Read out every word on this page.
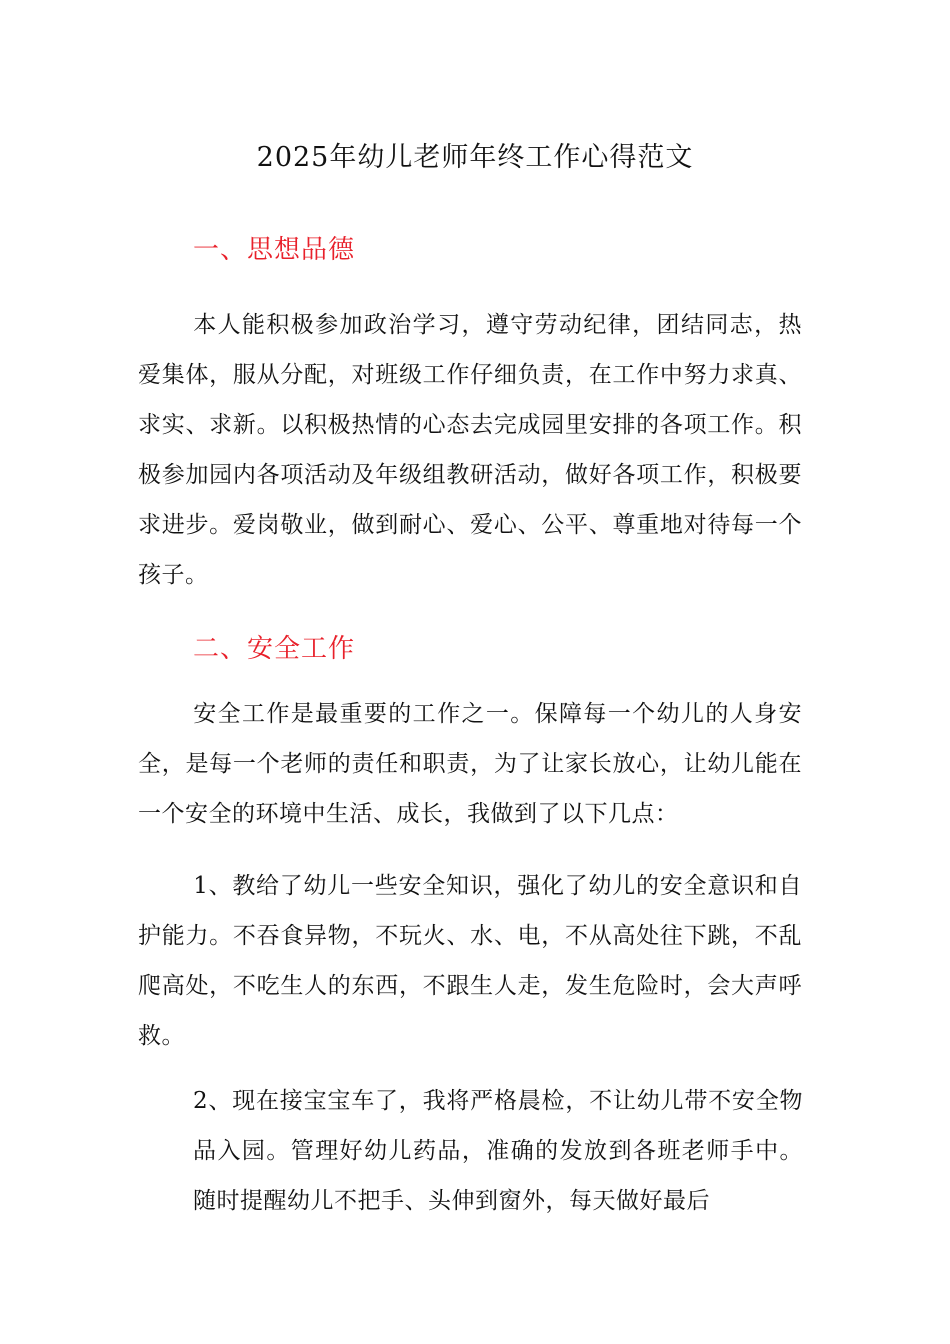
2025年幼儿老师年终工作心得范文
一、思想品德
本人能积极参加政治学习，遵守劳动纪律，团结同志，热爱集体，服从分配，对班级工作仔细负责，在工作中努力求真、求实、求新。以积极热情的心态去完成园里安排的各项工作。积极参加园内各项活动及年级组教研活动，做好各项工作，积极要求进步。爱岗敬业，做到耐心、爱心、公平、尊重地对待每一个孩子。
二、安全工作
安全工作是最重要的工作之一。保障每一个幼儿的人身安全，是每一个老师的责任和职责，为了让家长放心，让幼儿能在一个安全的环境中生活、成长，我做到了以下几点：
1、教给了幼儿一些安全知识，强化了幼儿的安全意识和自护能力。不吞食异物，不玩火、水、电，不从高处往下跳，不乱爬高处，不吃生人的东西，不跟生人走，发生危险时，会大声呼救。
2、现在接宝宝车了，我将严格晨检，不让幼儿带不安全物品入园。管理好幼儿药品，准确的发放到各班老师手中。随时提醒幼儿不把手、头伸到窗外，每天做好最后
